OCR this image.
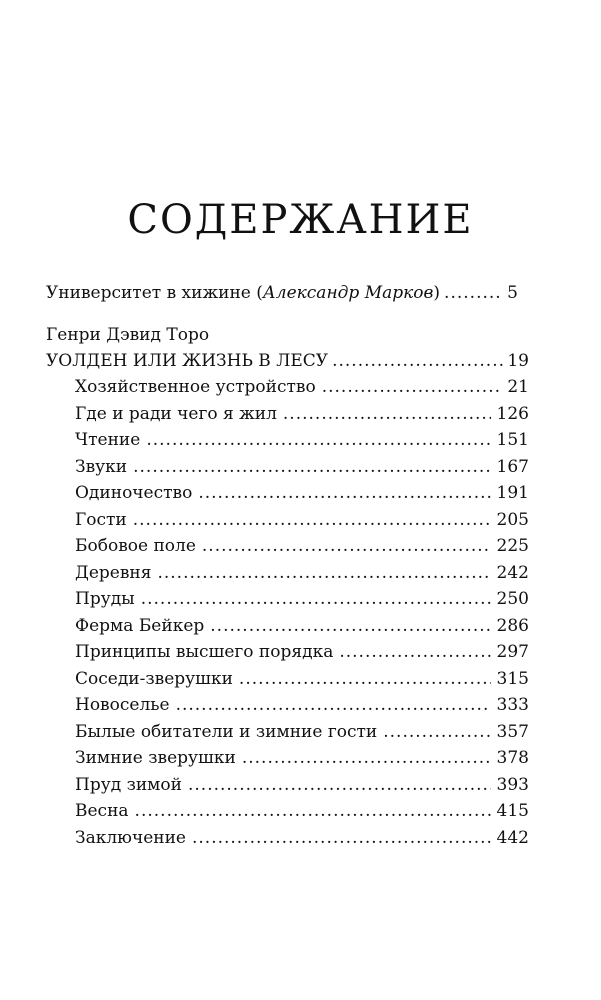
СОДЕРЖАНИЕ
Университет в хижине (Александр Марков) .....	5
Генри Дэвид Торо
УОЛДЕН ИЛИ ЖИЗНЬ В ЛЕСУ .....	19
Хозяйственное устройство .....	21
Где и ради чего я жил .....	126
Чтение .....	151
Звуки .....	167
Одиночество .....	191
Гости .....	205
Бобовое поле .....	225
Деревня .....	242
Пруды .....	250
Ферма Бейкер .....	286
Принципы высшего порядка .....	297
Соседи-зверушки .....	315
Новоселье .....	333
Былые обитатели и зимние гости .....	357
Зимние зверушки .....	378
Пруд зимой .....	393
Весна .....	415
Заключение .....	442
